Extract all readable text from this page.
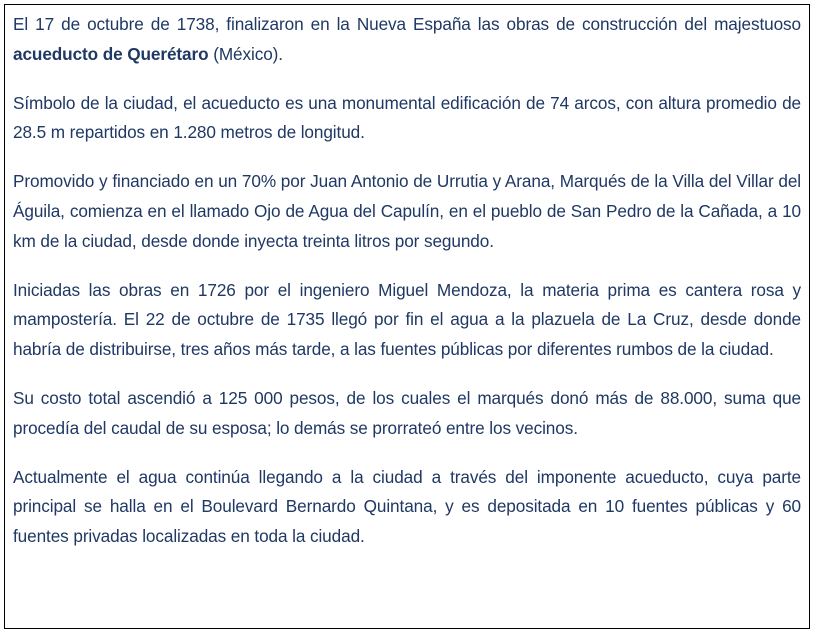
El 17 de octubre de 1738, finalizaron en la Nueva España las obras de construcción del majestuoso acueducto de Querétaro (México).

Símbolo de la ciudad, el acueducto es una monumental edificación de 74 arcos, con altura promedio de 28.5 m repartidos en 1.280 metros de longitud.

Promovido y financiado en un 70% por Juan Antonio de Urrutia y Arana, Marqués de la Villa del Villar del Águila, comienza en el llamado Ojo de Agua del Capulín, en el pueblo de San Pedro de la Cañada, a 10 km de la ciudad, desde donde inyecta treinta litros por segundo.

Iniciadas las obras en 1726 por el ingeniero Miguel Mendoza, la materia prima es cantera rosa y mampostería. El 22 de octubre de 1735 llegó por fin el agua a la plazuela de La Cruz, desde donde habría de distribuirse, tres años más tarde, a las fuentes públicas por diferentes rumbos de la ciudad.

Su costo total ascendió a 125 000 pesos, de los cuales el marqués donó más de 88.000, suma que procedía del caudal de su esposa; lo demás se prorrateó entre los vecinos.

Actualmente el agua continúa llegando a la ciudad a través del imponente acueducto, cuya parte principal se halla en el Boulevard Bernardo Quintana, y es depositada en 10 fuentes públicas y 60 fuentes privadas localizadas en toda la ciudad.
